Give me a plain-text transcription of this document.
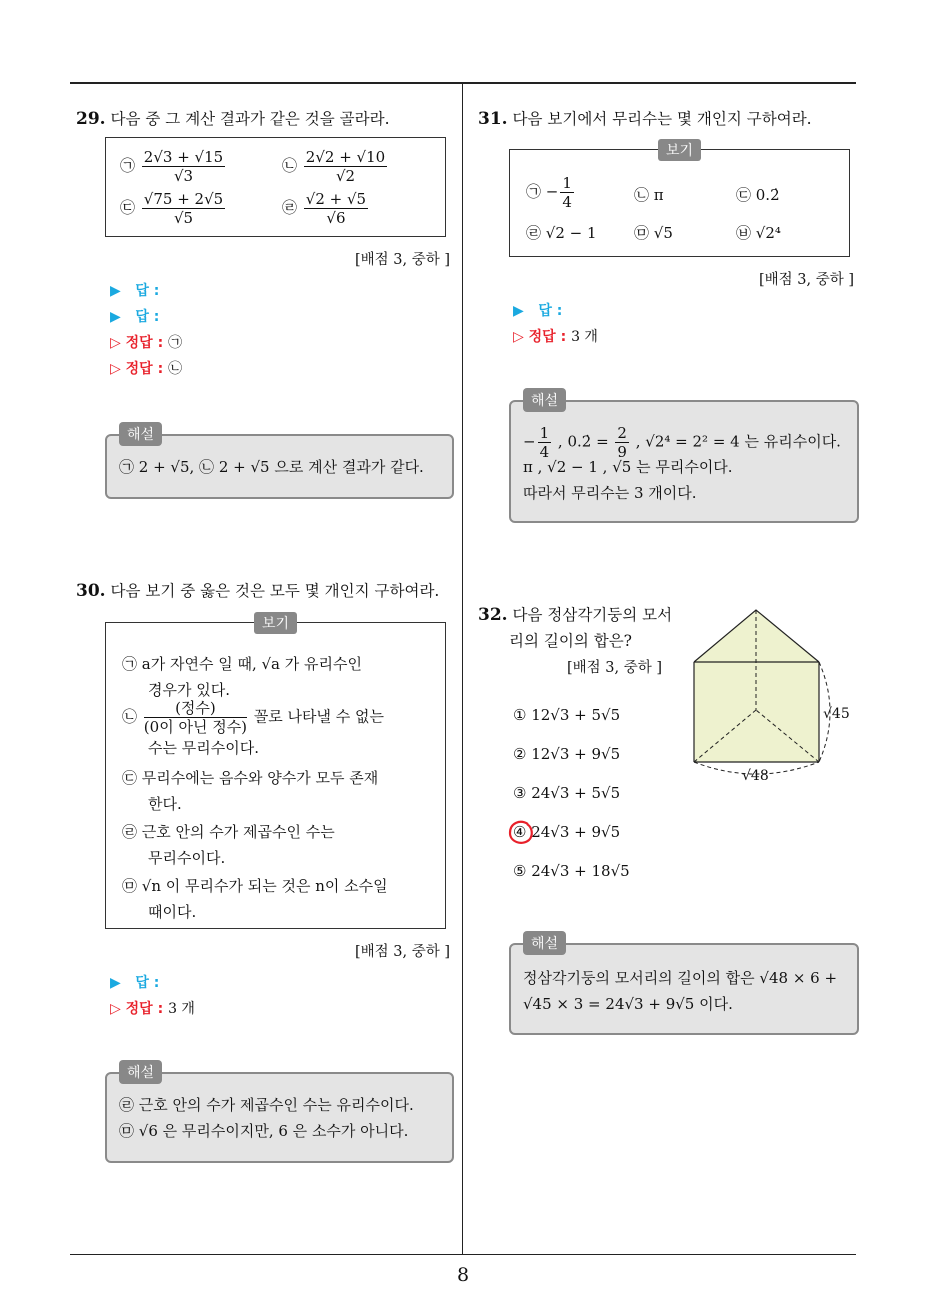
8
29. 다음 중 그 계산 결과가 같은 것을 골라라.
㉠ $\frac{2√3 + √15}{√3}$	㉡ $\frac{2√2 + √10}{√2}$
㉢ $\frac{√75 + 2√5}{√5}$	㉣ $\frac{√2 + √5}{√6}$
[배점 3, 중하 ]
▶ 답 :
▶ 답 :
▷ 정답 : ㉠
▷ 정답 : ㉡
㉠ 2 + √5, ㉡ 2 + √5 으로 계산 결과가 같다.
해설
30. 다음 보기 중 옳은 것은 모두 몇 개인지 구하여라.
㉠ a가 자연수 일 때, √a 가 유리수인
경우가 있다.
㉡ $\frac{\text{(정수)}}{\text{(0이 아닌 정수)}}$ 꼴로 나타낼 수 없는
수는 무리수이다.
㉢ 무리수에는 음수와 양수가 모두 존재
한다.
㉣ 근호 안의 수가 제곱수인 수는
무리수이다.
㉤ √n 이 무리수가 되는 것은 n이 소수일
때이다.
보기
[배점 3, 중하 ]
▶ 답 :
▷ 정답 : 3 개
㉣ 근호 안의 수가 제곱수인 수는 유리수이다.
㉤ √6 은 무리수이지만, 6 은 소수가 아니다.
해설
31. 다음 보기에서 무리수는 몇 개인지 구하여라.
㉠ − $\frac{1}{4}$	㉡ π	㉢ 0.2̇
㉣ √2 − 1 ㉤ √5	㉥ √2⁴
보기
[배점 3, 중하 ]
▶ 답 :
▷ 정답 : 3 개
− $\frac{1}{4}$ , 0.2̇ = $\frac{2}{9}$ , √2⁴ = 2² = 4 는 유리수이다.
π , √2 − 1 , √5 는 무리수이다.
따라서 무리수는 3 개이다.
해설
32. 다음 정삼각기둥의 모서
리의 길이의 합은?
[배점 3, 중하 ]
① 12√3 + 5√5
② 12√3 + 9√5
③ 24√3 + 5√5
④ 24√3 + 9√5
⑤ 24√3 + 18√5
√45
√48
정삼각기둥의 모서리의 길이의 합은 √48 × 6 +
√45 × 3 = 24√3 + 9√5 이다.
해설
